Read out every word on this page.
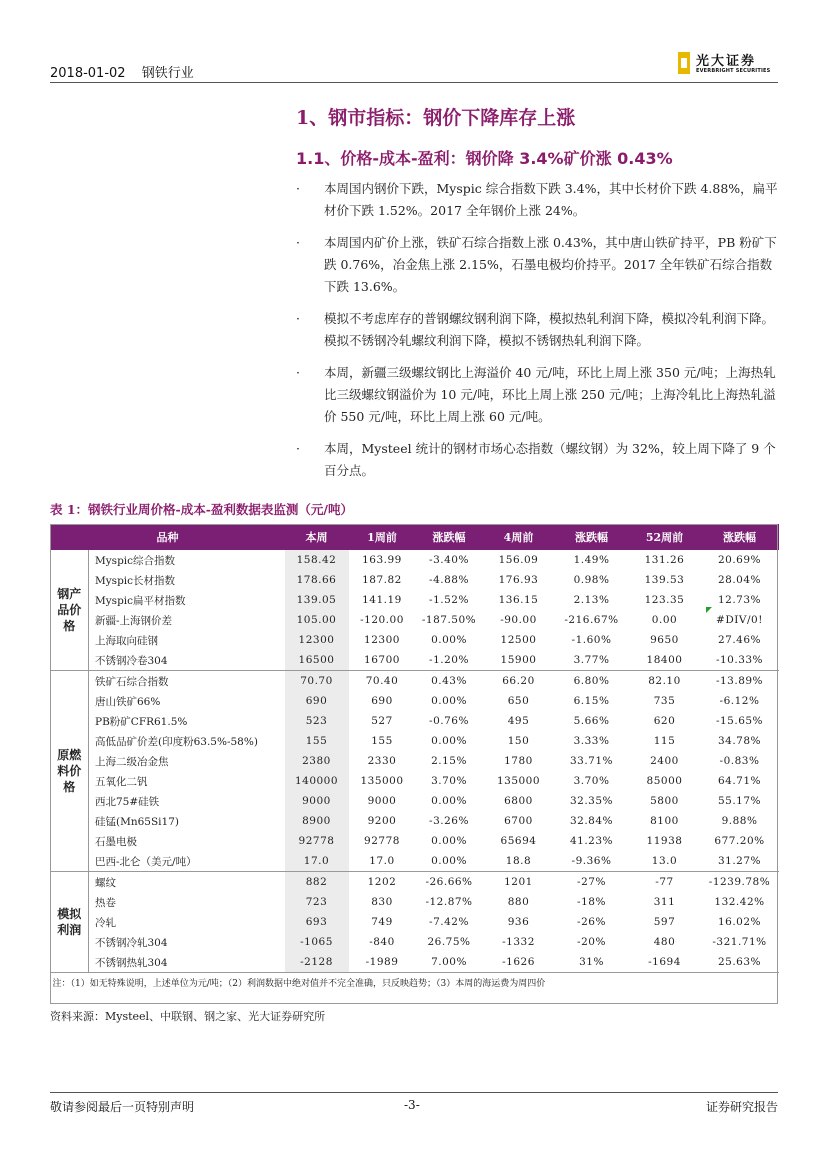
2018-01-02 钢铁行业
光大证券
EVERBRIGHT SECURITIES
1、钢市指标：钢价下降库存上涨
1.1、价格-成本-盈利：钢价降 3.4%矿价涨 0.43%
· 本周国内钢价下跌，Myspic 综合指数下跌 3.4%，其中长材价下跌 4.88%，扁平材价下跌 1.52%。2017 全年钢价上涨 24%。
· 本周国内矿价上涨，铁矿石综合指数上涨 0.43%，其中唐山铁矿持平，PB 粉矿下跌 0.76%，冶金焦上涨 2.15%，石墨电极均价持平。2017 全年铁矿石综合指数下跌 13.6%。
· 模拟不考虑库存的普钢螺纹钢利润下降，模拟热轧利润下降，模拟冷轧利润下降。模拟不锈钢冷轧螺纹利润下降，模拟不锈钢热轧利润下降。
· 本周，新疆三级螺纹钢比上海溢价 40 元/吨，环比上周上涨 350 元/吨；上海热轧比三级螺纹钢溢价为 10 元/吨，环比上周上涨 250 元/吨；上海冷轧比上海热轧溢价 550 元/吨，环比上周上涨 60 元/吨。
· 本周，Mysteel 统计的钢材市场心态指数（螺纹钢）为 32%，较上周下降了 9 个百分点。
表 1：钢铁行业周价格-成本-盈利数据表监测（元/吨）
品种		本周	1周前	涨跌幅	4周前	涨跌幅	52周前	涨跌幅
钢产品价格	Myspic综合指数	158.42	163.99	-3.40%	156.09	1.49%	131.26	20.69%
	Myspic长材指数	178.66	187.82	-4.88%	176.93	0.98%	139.53	28.04%
	Myspic扁平材指数	139.05	141.19	-1.52%	136.15	2.13%	123.35	12.73%
	新疆-上海钢价差	105.00	-120.00	-187.50%	-90.00	-216.67%	0.00	#DIV/0!
	上海取向硅钢	12300	12300	0.00%	12500	-1.60%	9650	27.46%
	不锈钢冷卷304	16500	16700	-1.20%	15900	3.77%	18400	-10.33%
原燃料价格	铁矿石综合指数	70.70	70.40	0.43%	66.20	6.80%	82.10	-13.89%
	唐山铁矿66%	690	690	0.00%	650	6.15%	735	-6.12%
	PB粉矿CFR61.5%	523	527	-0.76%	495	5.66%	620	-15.65%
	高低品矿价差(印度粉63.5%-58%)	155	155	0.00%	150	3.33%	115	34.78%
	上海二级冶金焦	2380	2330	2.15%	1780	33.71%	2400	-0.83%
	五氧化二钒	140000	135000	3.70%	135000	3.70%	85000	64.71%
	西北75#硅铁	9000	9000	0.00%	6800	32.35%	5800	55.17%
	硅锰(Mn65Si17)	8900	9200	-3.26%	6700	32.84%	8100	9.88%
	石墨电极	92778	92778	0.00%	65694	41.23%	11938	677.20%
	巴西-北仑（美元/吨）	17.0	17.0	0.00%	18.8	-9.36%	13.0	31.27%
模拟利润	螺纹	882	1202	-26.66%	1201	-27%	-77	-1239.78%
	热卷	723	830	-12.87%	880	-18%	311	132.42%
	冷轧	693	749	-7.42%	936	-26%	597	16.02%
	不锈钢冷轧304	-1065	-840	26.75%	-1332	-20%	480	-321.71%
	不锈钢热轧304	-2128	-1989	7.00%	-1626	31%	-1694	25.63%
注：（1）如无特殊说明，上述单位为元/吨；（2）利润数据中绝对值并不完全准确，只反映趋势；（3）本周的海运费为周四价								
资料来源：Mysteel、中联钢、钢之家、光大证券研究所
敬请参阅最后一页特别声明	-3-	证券研究报告
